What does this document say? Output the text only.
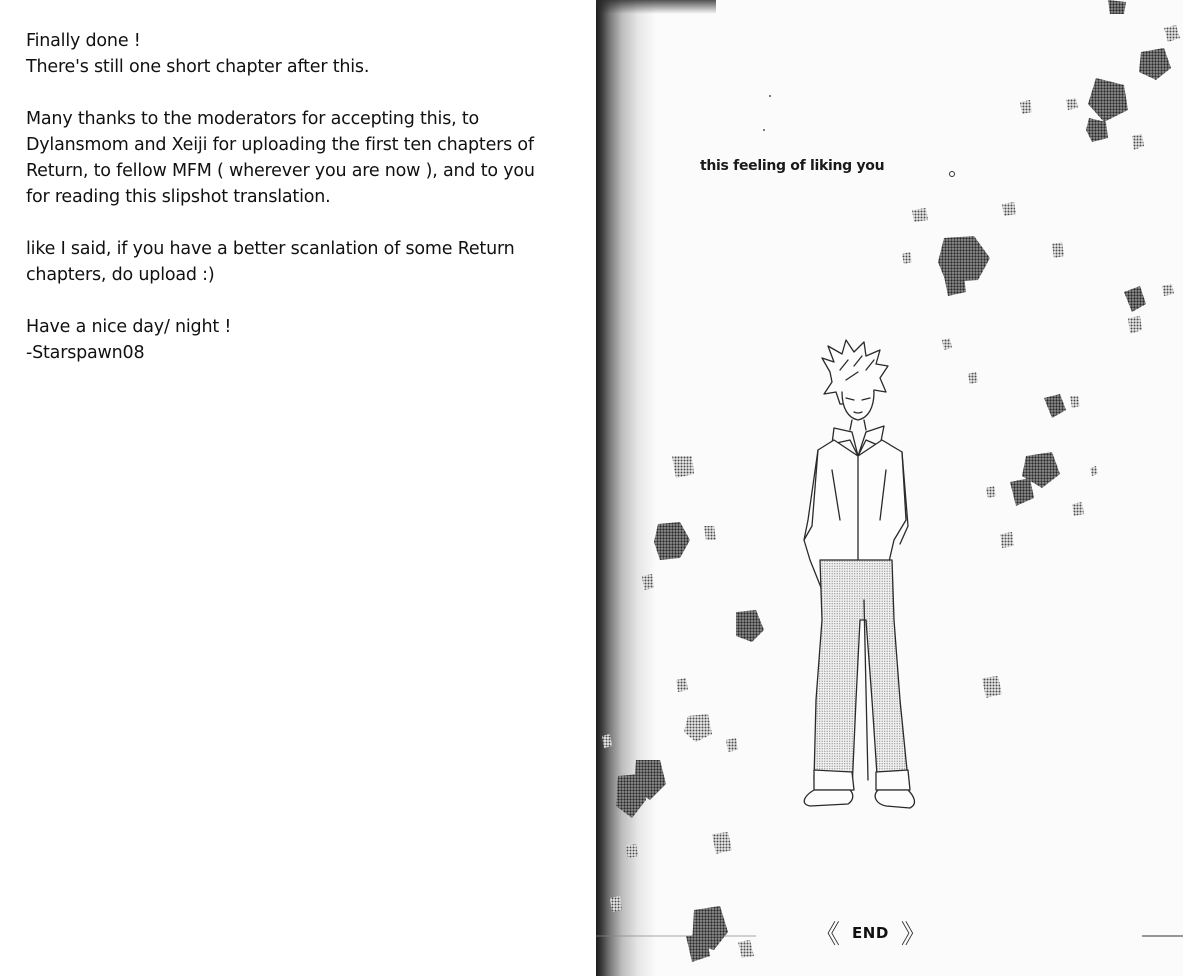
Finally done !
There's still one short chapter after this.
Many thanks to the moderators for accepting this, to
Dylansmom and Xeiji for uploading the first ten chapters of
Return, to fellow MFM ( wherever you are now ), and to you
for reading this slipshot translation.
like I said, if you have a better scanlation of some Return
chapters, do upload :)
Have a nice day/ night !
-Starspawn08
this feeling of liking you
《 END 》
